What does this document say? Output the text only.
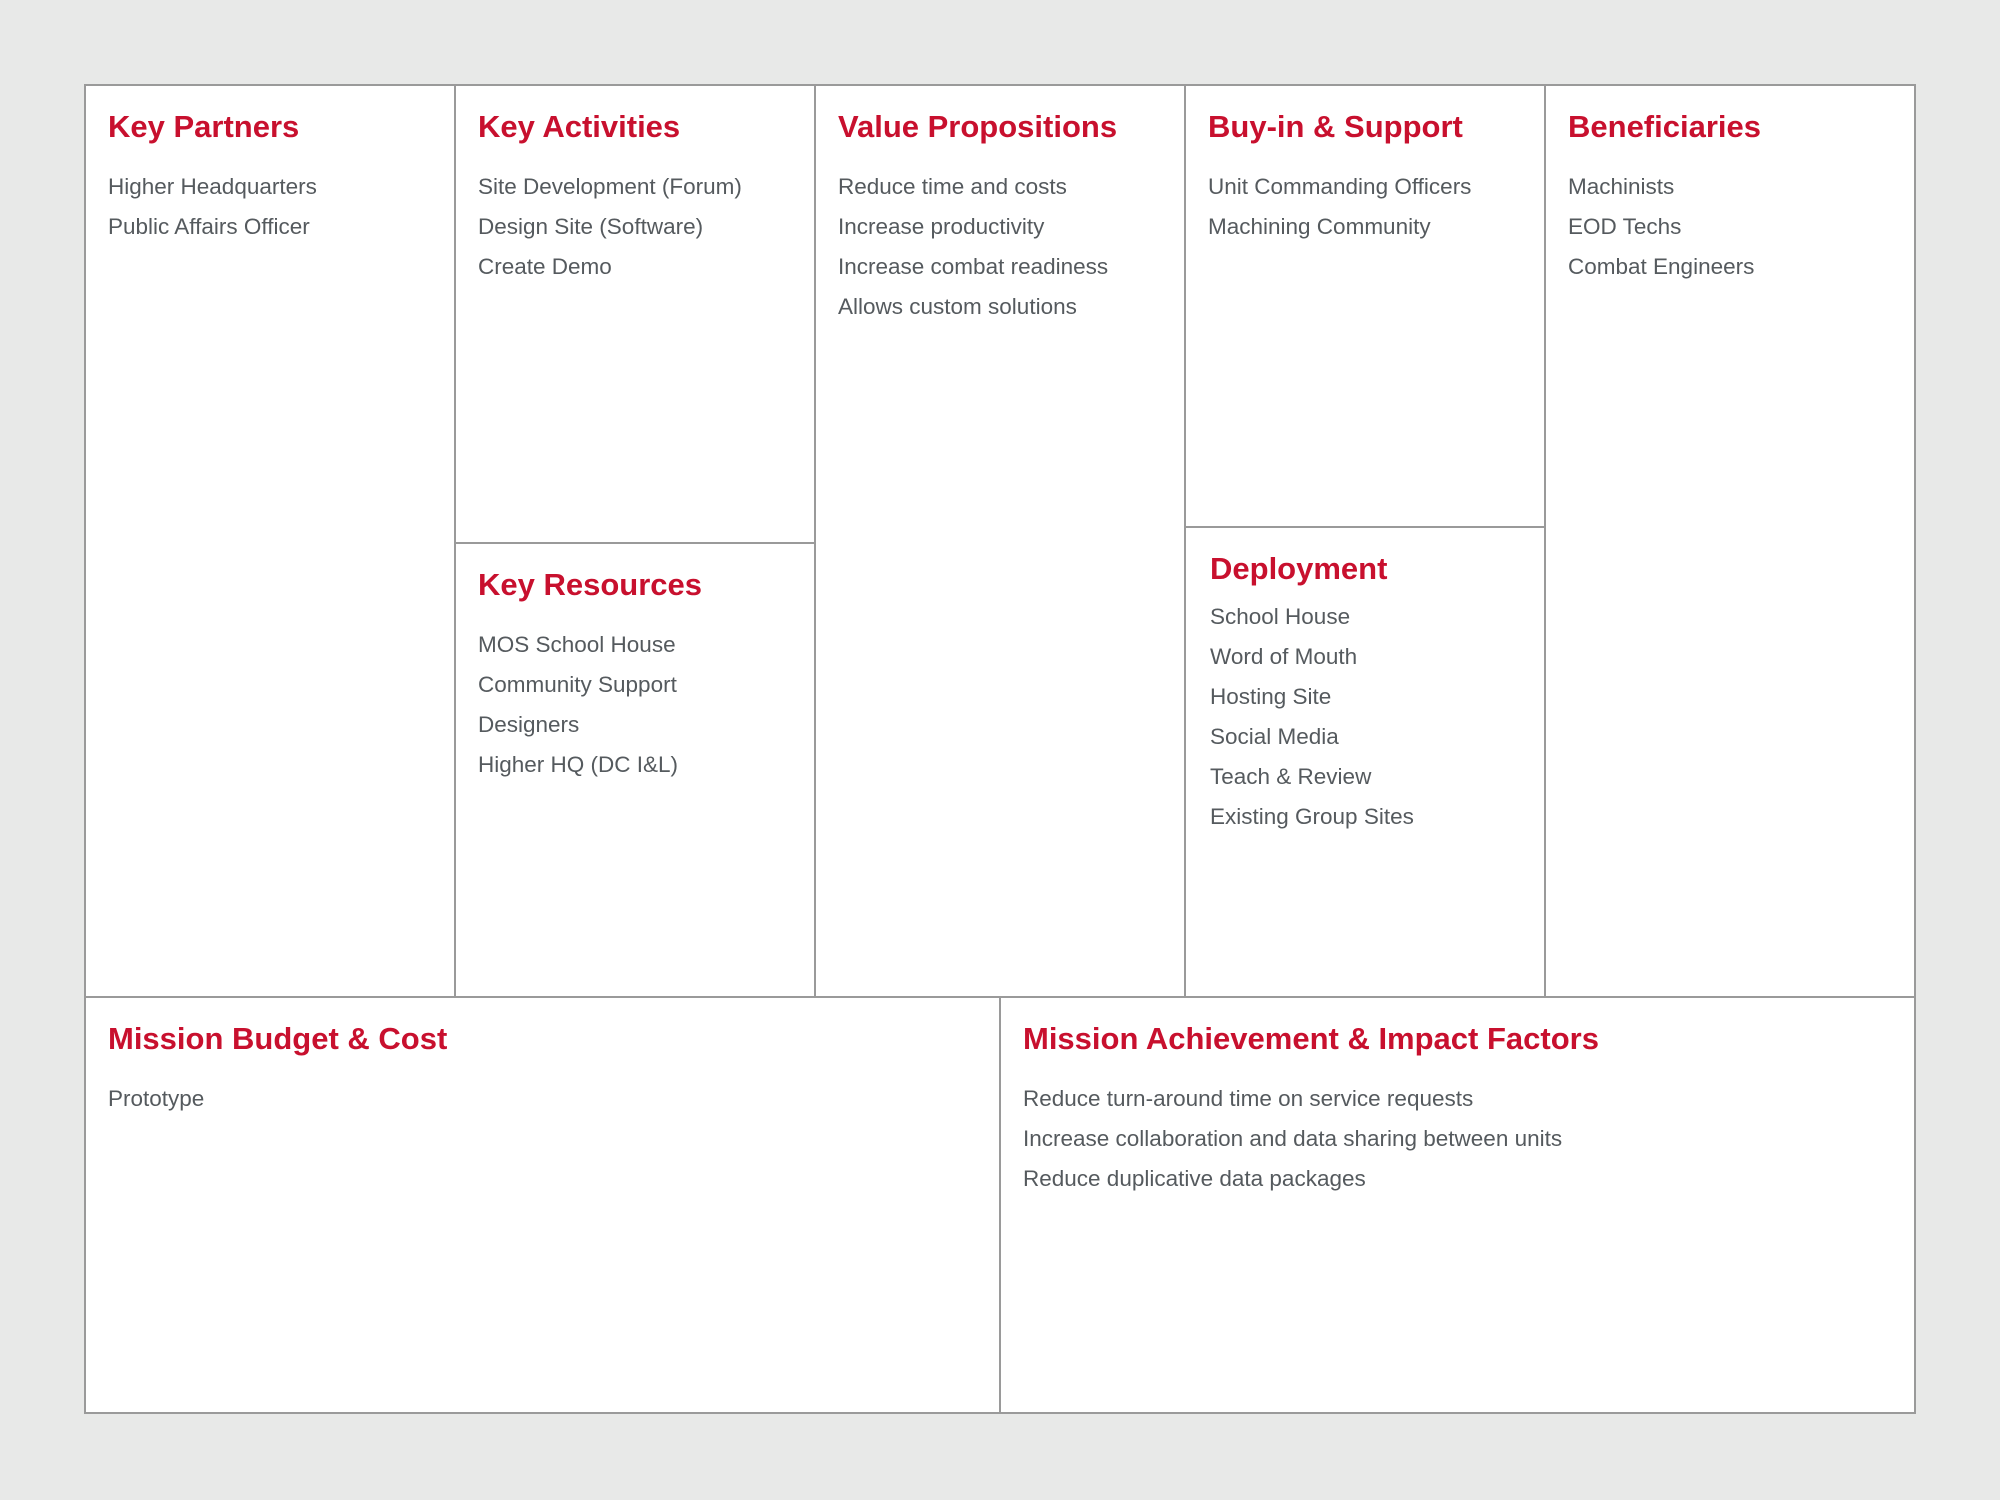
Key Partners
Higher Headquarters
Public Affairs Officer
Key Activities
Site Development (Forum)
Design Site (Software)
Create Demo
Key Resources
MOS School House
Community Support
Designers
Higher HQ (DC I&L)
Value Propositions
Reduce time and costs
Increase productivity
Increase combat readiness
Allows custom solutions
Buy-in & Support
Unit Commanding Officers
Machining Community
Deployment
School House
Word of Mouth
Hosting Site
Social Media
Teach & Review
Existing Group Sites
Beneficiaries
Machinists
EOD Techs
Combat Engineers
Mission Budget & Cost
Prototype
Mission Achievement & Impact Factors
Reduce turn-around time on service requests
Increase collaboration and data sharing between units
Reduce duplicative data packages
